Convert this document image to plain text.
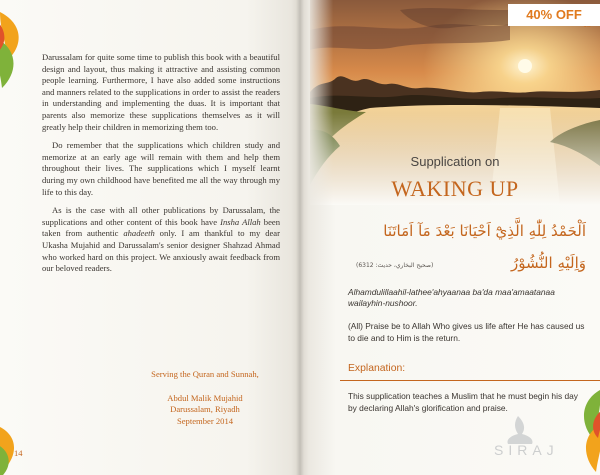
Darussalam for quite some time to publish this book with a beautiful design and layout, thus making it attractive and assisting common people learning. Furthermore, I have also added some instructions and manners related to the supplications in order to assist the readers in understanding and implementing the duas. It is important that parents also memorize these supplications themselves as it will greatly help their children in memorizing them too.

Do remember that the supplications which children study and memorize at an early age will remain with them and help them throughout their lives. The supplications which I myself learnt during my own childhood have benefited me all the way through my life to this day.

As is the case with all other publications by Darussalam, the supplications and other content of this book have Insha Allah been taken from authentic ahadeeth only. I am thankful to my dear Ukasha Mujahid and Darussalam's senior designer Shahzad Ahmad who worked hard on this project. We anxiously await feedback from our beloved readers.

Serving the Quran and Sunnah,
Abdul Malik Mujahid
Darussalam, Riyadh
September 2014
14
Supplication on
WAKING UP
اَلْحَمْدُ لِلّٰهِ الَّذِيْٓ اَحْيَانَا بَعْدَ مَآ اَمَاتَنَا
(صحيح البخاري، حديث: 6312)	وَاِلَيْهِ النُّشُوْرُ
Alhamdulillaahil-lathee'ahyaanaa ba'da maa'amaatanaa wailayhin-nushoor.
(All) Praise be to Allah Who gives us life after He has caused us to die and to Him is the return.
Explanation:
This supplication teaches a Muslim that he must begin his day by declaring Allah's glorification and praise.
SIRAJ
40% OFF
